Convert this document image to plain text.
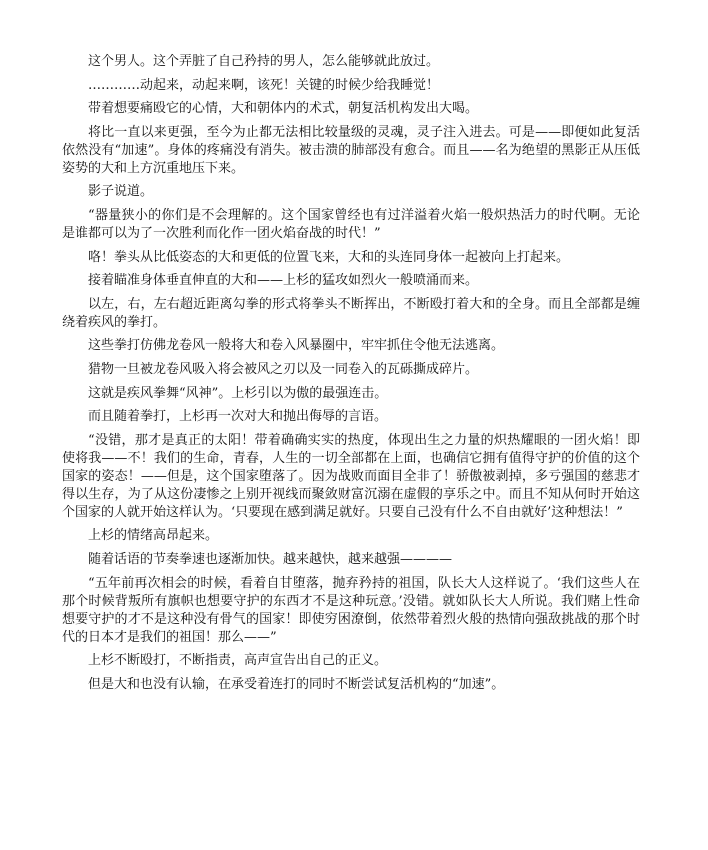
这个男人。这个弄脏了自己矜持的男人，怎么能够就此放过。

…………动起来，动起来啊，该死！关键的时候少给我睡觉！

带着想要痛殴它的心情，大和朝体内的术式，朝复活机构发出大喝。

将比一直以来更强，至今为止都无法相比较量级的灵魂，灵子注入进去。可是——即便如此复活依然没有“加速”。身体的疼痛没有消失。被击溃的肺部没有愈合。而且——名为绝望的黑影正从压低姿势的大和上方沉重地压下来。

影子说道。

“器量狭小的你们是不会理解的。这个国家曾经也有过洋溢着火焰一般炽热活力的时代啊。无论是谁都可以为了一次胜利而化作一团火焰奋战的时代！”

咯！拳头从比低姿态的大和更低的位置飞来，大和的头连同身体一起被向上打起来。

接着瞄准身体垂直伸直的大和——上杉的猛攻如烈火一般喷涌而来。

以左，右，左右超近距离勾拳的形式将拳头不断挥出，不断殴打着大和的全身。而且全部都是缠绕着疾风的拳打。

这些拳打仿佛龙卷风一般将大和卷入风暴圈中，牢牢抓住令他无法逃离。

猎物一旦被龙卷风吸入将会被风之刃以及一同卷入的瓦砾撕成碎片。

这就是疾风拳舞“风神”。上杉引以为傲的最强连击。

而且随着拳打，上杉再一次对大和抛出侮辱的言语。

“没错，那才是真正的太阳！带着确确实实的热度，体现出生之力量的炽热耀眼的一团火焰！即使将我——不！我们的生命，青春，人生的一切全部都在上面，也确信它拥有值得守护的价值的这个国家的姿态！——但是，这个国家堕落了。因为战败而面目全非了！骄傲被剥掉，多亏强国的慈悲才得以生存，为了从这份凄惨之上别开视线而聚敛财富沉溺在虚假的享乐之中。而且不知从何时开始这个国家的人就开始这样认为。‘只要现在感到满足就好。只要自己没有什么不自由就好’这种想法！”

上杉的情绪高昂起来。

随着话语的节奏拳速也逐渐加快。越来越快，越来越强————

“五年前再次相会的时候，看着自甘堕落，抛弃矜持的祖国，队长大人这样说了。‘我们这些人在那个时候背叛所有旗帜也想要守护的东西才不是这种玩意。’没错。就如队长大人所说。我们赌上性命想要守护的才不是这种没有骨气的国家！即使穷困潦倒，依然带着烈火般的热情向强敌挑战的那个时代的日本才是我们的祖国！那么——”

上杉不断殴打，不断指责，高声宣告出自己的正义。

但是大和也没有认输，在承受着连打的同时不断尝试复活机构的“加速”。
